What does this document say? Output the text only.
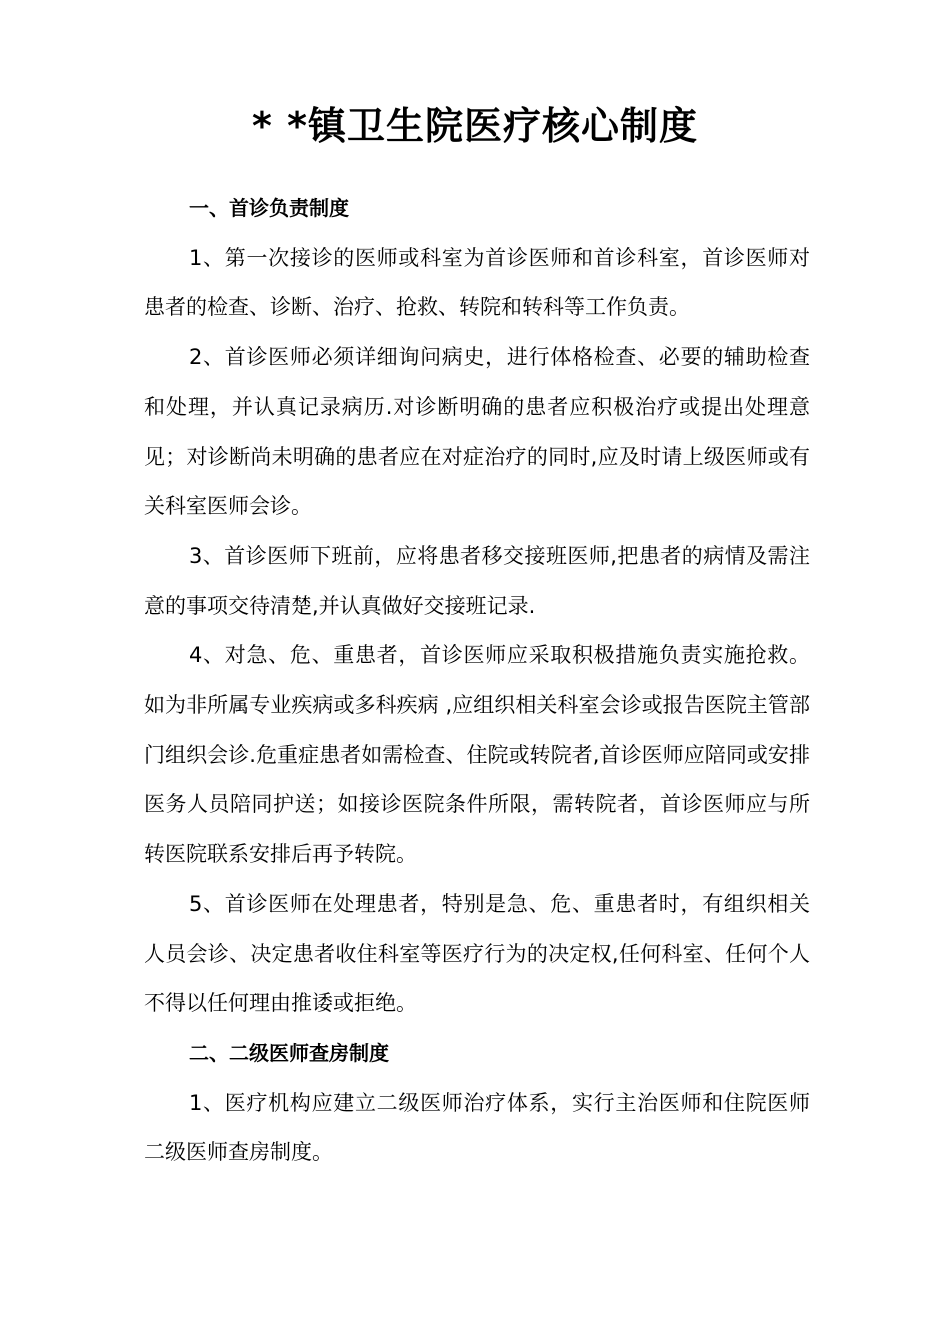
* *镇卫生院医疗核心制度

一、首诊负责制度

1、第一次接诊的医师或科室为首诊医师和首诊科室，首诊医师对患者的检查、诊断、治疗、抢救、转院和转科等工作负责。

2、首诊医师必须详细询问病史，进行体格检查、必要的辅助检查和处理，并认真记录病历.对诊断明确的患者应积极治疗或提出处理意见；对诊断尚未明确的患者应在对症治疗的同时,应及时请上级医师或有关科室医师会诊。

3、首诊医师下班前，应将患者移交接班医师,把患者的病情及需注意的事项交待清楚,并认真做好交接班记录.

4、对急、危、重患者，首诊医师应采取积极措施负责实施抢救。如为非所属专业疾病或多科疾病 ,应组织相关科室会诊或报告医院主管部门组织会诊.危重症患者如需检查、住院或转院者,首诊医师应陪同或安排医务人员陪同护送；如接诊医院条件所限，需转院者，首诊医师应与所转医院联系安排后再予转院。

5、首诊医师在处理患者，特别是急、危、重患者时，有组织相关人员会诊、决定患者收住科室等医疗行为的决定权,任何科室、任何个人不得以任何理由推诿或拒绝。

二、二级医师查房制度

1、医疗机构应建立二级医师治疗体系，实行主治医师和住院医师二级医师查房制度。
